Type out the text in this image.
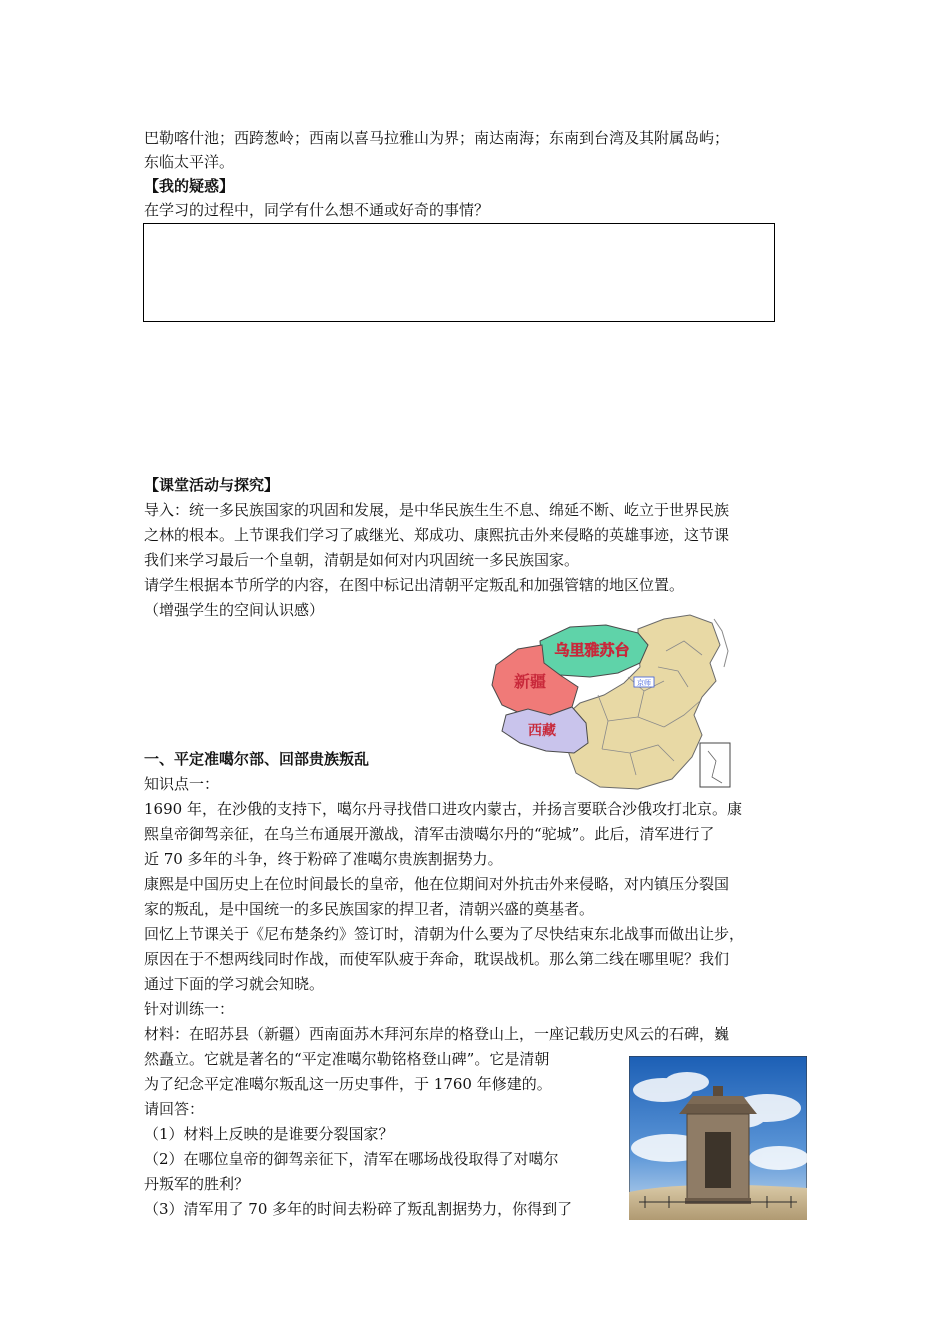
巴勒喀什池；西跨葱岭；西南以喜马拉雅山为界；南达南海；东南到台湾及其附属岛屿；
东临太平洋。
【我的疑惑】
在学习的过程中，同学有什么想不通或好奇的事情？
【课堂活动与探究】
导入：统一多民族国家的巩固和发展，是中华民族生生不息、绵延不断、屹立于世界民族
之林的根本。上节课我们学习了戚继光、郑成功、康熙抗击外来侵略的英雄事迹，这节课
我们来学习最后一个皇朝，清朝是如何对内巩固统一多民族国家。
请学生根据本节所学的内容，在图中标记出清朝平定叛乱和加强管辖的地区位置。
（增强学生的空间认识感）
京师
乌里雅苏台
新疆
西藏
一、平定准噶尔部、回部贵族叛乱
知识点一：
1690 年，在沙俄的支持下，噶尔丹寻找借口进攻内蒙古，并扬言要联合沙俄攻打北京。康
熙皇帝御驾亲征，在乌兰布通展开激战，清军击溃噶尔丹的“驼城”。此后，清军进行了
近 70 多年的斗争，终于粉碎了准噶尔贵族割据势力。
康熙是中国历史上在位时间最长的皇帝，他在位期间对外抗击外来侵略，对内镇压分裂国
家的叛乱，是中国统一的多民族国家的捍卫者，清朝兴盛的奠基者。
回忆上节课关于《尼布楚条约》签订时，清朝为什么要为了尽快结束东北战事而做出让步，
原因在于不想两线同时作战，而使军队疲于奔命，耽误战机。那么第二线在哪里呢？我们
通过下面的学习就会知晓。
针对训练一：
材料：在昭苏县（新疆）西南面苏木拜河东岸的格登山上，一座记载历史风云的石碑，巍
然矗立。它就是著名的“平定准噶尔勒铭格登山碑”。它是清朝
为了纪念平定准噶尔叛乱这一历史事件，于 1760 年修建的。
请回答：
（1）材料上反映的是谁要分裂国家？
（2）在哪位皇帝的御驾亲征下，清军在哪场战役取得了对噶尔
丹叛军的胜利？
（3）清军用了 70 多年的时间去粉碎了叛乱割据势力，你得到了
